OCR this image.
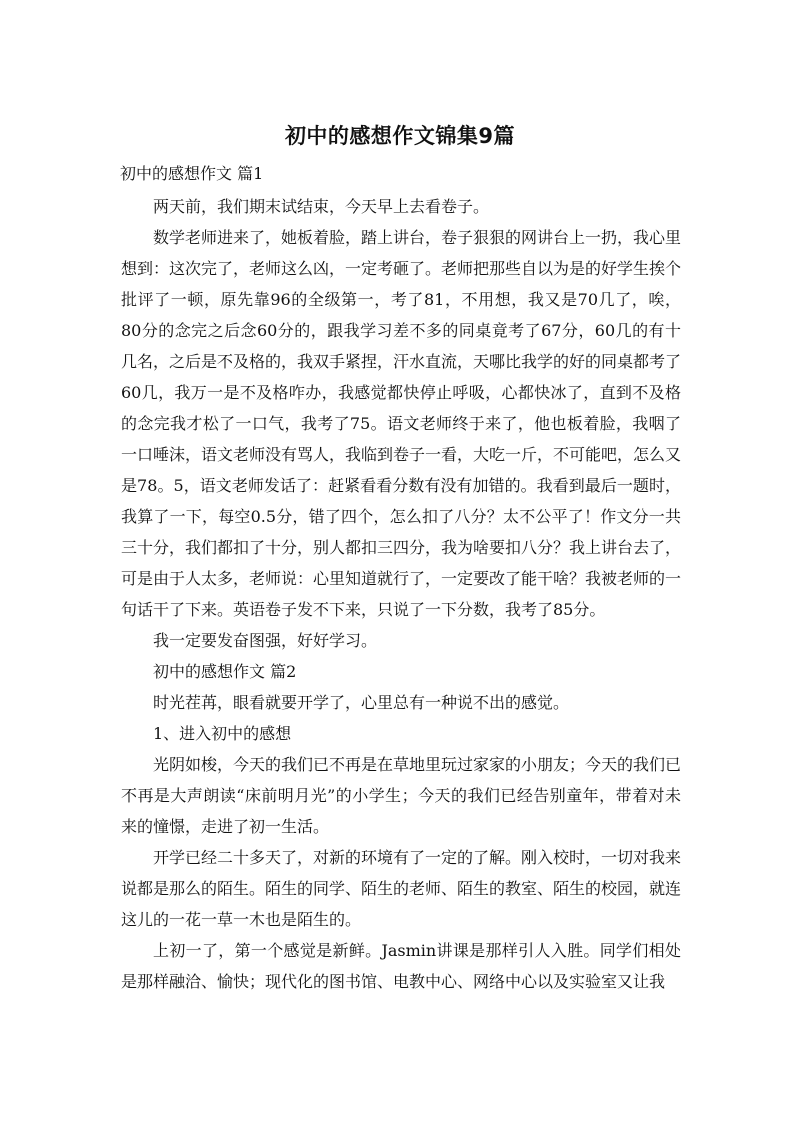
初中的感想作文锦集9篇
初中的感想作文 篇1

两天前，我们期末试结束，今天早上去看卷子。

数学老师进来了，她板着脸，踏上讲台，卷子狠狠的网讲台上一扔，我心里想到：这次完了，老师这么凶，一定考砸了。老师把那些自以为是的好学生挨个批评了一顿，原先靠96的全级第一，考了81，不用想，我又是70几了，唉，80分的念完之后念60分的，跟我学习差不多的同桌竟考了67分，60几的有十几名，之后是不及格的，我双手紧捏，汗水直流，天哪比我学的好的同桌都考了60几，我万一是不及格咋办，我感觉都快停止呼吸，心都快冰了，直到不及格的念完我才松了一口气，我考了75。语文老师终于来了，他也板着脸，我咽了一口唾沫，语文老师没有骂人，我临到卷子一看，大吃一斤，不可能吧，怎么又是78。5，语文老师发话了：赶紧看看分数有没有加错的。我看到最后一题时，我算了一下，每空0.5分，错了四个，怎么扣了八分？太不公平了！作文分一共三十分，我们都扣了十分，别人都扣三四分，我为啥要扣八分？我上讲台去了，可是由于人太多，老师说：心里知道就行了，一定要改了能干啥？我被老师的一句话干了下来。英语卷子发不下来，只说了一下分数，我考了85分。

我一定要发奋图强，好好学习。

初中的感想作文 篇2

时光茬苒，眼看就要开学了，心里总有一种说不出的感觉。

1、进入初中的感想

光阴如梭，今天的我们已不再是在草地里玩过家家的小朋友；今天的我们已不再是大声朗读“床前明月光”的小学生；今天的我们已经告别童年，带着对未来的憧憬，走进了初一生活。

开学已经二十多天了，对新的环境有了一定的了解。刚入校时，一切对我来说都是那么的陌生。陌生的同学、陌生的老师、陌生的教室、陌生的校园，就连这儿的一花一草一木也是陌生的。

上初一了，第一个感觉是新鲜。Jasmin讲课是那样引人入胜。同学们相处是那样融洽、愉快；现代化的图书馆、电教中心、网络中心以及实验室又让我
